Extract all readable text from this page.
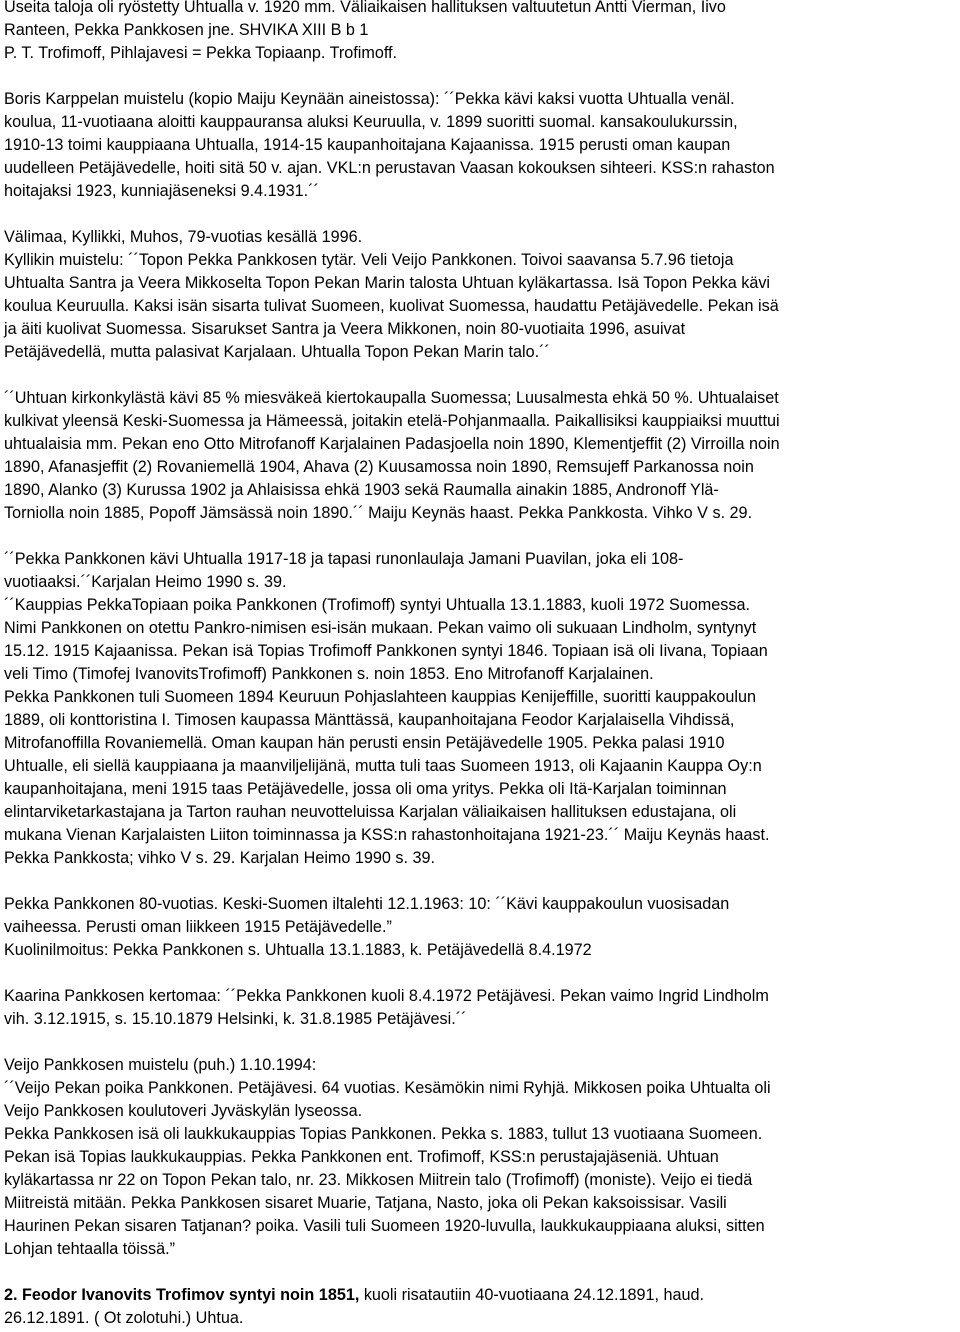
Useita taloja oli ryöstetty Uhtualla v. 1920 mm. Väliaikaisen hallituksen valtuutetun Antti Vierman, Iivo
Ranteen, Pekka Pankkosen jne. SHVIKA XIII B b 1
P. T. Trofimoff, Pihlajavesi = Pekka Topiaanp. Trofimoff.
Boris Karppelan muistelu (kopio Maiju Keynään aineistossa): ´´Pekka kävi kaksi vuotta Uhtualla venäl.
koulua, 11-vuotiaana aloitti kauppauransa aluksi Keuruulla, v. 1899 suoritti suomal. kansakoulukurssin,
1910-13 toimi kauppiaana Uhtualla, 1914-15 kaupanhoitajana Kajaanissa. 1915 perusti oman kaupan
uudelleen Petäjävedelle, hoiti sitä 50 v. ajan. VKL:n perustavan Vaasan kokouksen sihteeri. KSS:n rahaston
hoitajaksi 1923, kunniajäseneksi 9.4.1931.´´
Välimaa, Kyllikki, Muhos, 79-vuotias kesällä 1996.
Kyllikin muistelu: ´´Topon Pekka Pankkosen tytär. Veli Veijo Pankkonen. Toivoi saavansa 5.7.96 tietoja
Uhtualta Santra ja Veera Mikkoselta Topon Pekan Marin talosta Uhtuan kyläkartassa. Isä Topon Pekka kävi
koulua Keuruulla. Kaksi isän sisarta tulivat Suomeen, kuolivat Suomessa, haudattu Petäjävedelle. Pekan isä
ja äiti kuolivat Suomessa. Sisarukset Santra ja Veera Mikkonen, noin 80-vuotiaita 1996, asuivat
Petäjävedellä, mutta palasivat Karjalaan. Uhtualla Topon Pekan Marin talo.´´
´´Uhtuan kirkonkylästä kävi 85 % miesväkeä kiertokaupalla Suomessa; Luusalmesta ehkä 50 %. Uhtualaiset
kulkivat yleensä Keski-Suomessa ja Hämeessä, joitakin etelä-Pohjanmaalla. Paikallisiksi kauppiaiksi muuttui
uhtualaisia mm. Pekan eno Otto Mitrofanoff Karjalainen Padasjoella noin 1890, Klementjeffit (2) Virroilla noin
1890, Afanasjeffit (2) Rovaniemellä 1904, Ahava (2) Kuusamossa noin 1890, Remsujeff Parkanossa noin
1890, Alanko (3) Kurussa 1902 ja Ahlaisissa ehkä 1903 sekä Raumalla ainakin 1885, Andronoff Ylä-
Torniolla noin 1885, Popoff Jämsässä noin 1890.´´ Maiju Keynäs haast. Pekka Pankkosta. Vihko V s. 29.
´´Pekka Pankkonen kävi Uhtualla 1917-18 ja tapasi runonlaulaja Jamani Puavilan, joka eli 108-
vuotiaaksi.´´Karjalan Heimo 1990 s. 39.
´´Kauppias PekkaTopiaan poika Pankkonen (Trofimoff) syntyi Uhtualla 13.1.1883, kuoli 1972 Suomessa.
Nimi Pankkonen on otettu Pankro-nimisen esi-isän mukaan. Pekan vaimo oli sukuaan Lindholm, syntynyt
15.12. 1915 Kajaanissa. Pekan isä Topias Trofimoff Pankkonen syntyi 1846. Topiaan isä oli Iivana, Topiaan
veli Timo (Timofej IvanovitsTrofimoff) Pankkonen s. noin 1853. Eno Mitrofanoff Karjalainen.
Pekka Pankkonen tuli Suomeen 1894 Keuruun Pohjaslahteen kauppias Kenijeffille, suoritti kauppakoulun
1889, oli konttoristina I. Timosen kaupassa Mänttässä, kaupanhoitajana Feodor Karjalaisella Vihdissä,
Mitrofanoffilla Rovaniemellä. Oman kaupan hän perusti ensin Petäjävedelle 1905. Pekka palasi 1910
Uhtualle, eli siellä kauppiaana ja maanviljelijänä, mutta tuli taas Suomeen 1913, oli Kajaanin Kauppa Oy:n
kaupanhoitajana, meni 1915 taas Petäjävedelle, jossa oli oma yritys. Pekka oli Itä-Karjalan toiminnan
elintarviketarkastajana ja Tarton rauhan neuvotteluissa Karjalan väliaikaisen hallituksen edustajana, oli
mukana Vienan Karjalaisten Liiton toiminnassa ja KSS:n rahastonhoitajana 1921-23.´´ Maiju Keynäs haast.
Pekka Pankkosta; vihko V s. 29. Karjalan Heimo 1990 s. 39.
Pekka Pankkonen 80-vuotias. Keski-Suomen iltalehti 12.1.1963: 10: ´´Kävi kauppakoulun vuosisadan
vaiheessa. Perusti oman liikkeen 1915 Petäjävedelle.”
Kuolinilmoitus: Pekka Pankkonen s. Uhtualla 13.1.1883, k. Petäjävedellä 8.4.1972
Kaarina Pankkosen kertomaa: ´´Pekka Pankkonen kuoli 8.4.1972 Petäjävesi. Pekan vaimo Ingrid Lindholm
vih. 3.12.1915, s. 15.10.1879 Helsinki, k. 31.8.1985 Petäjävesi.´´
Veijo Pankkosen muistelu (puh.) 1.10.1994:
´´Veijo Pekan poika Pankkonen. Petäjävesi. 64 vuotias. Kesämökin nimi Ryhjä. Mikkosen poika Uhtualta oli
Veijo Pankkosen koulutoveri Jyväskylän lyseossa.
Pekka Pankkosen isä oli laukkukauppias Topias Pankkonen. Pekka s. 1883, tullut 13 vuotiaana Suomeen.
Pekan isä Topias laukkukauppias. Pekka Pankkonen ent. Trofimoff, KSS:n perustajajäseniä. Uhtuan
kyläkartassa nr 22 on Topon Pekan talo, nr. 23. Mikkosen Miitrein talo (Trofimoff) (moniste). Veijo ei tiedä
Miitreistä mitään. Pekka Pankkosen sisaret Muarie, Tatjana, Nasto, joka oli Pekan kaksoissisar. Vasili
Haurinen Pekan sisaren Tatjanan? poika. Vasili tuli Suomeen 1920-luvulla, laukkukauppiaana aluksi, sitten
Lohjan tehtaalla töissä.”
2. Feodor Ivanovits Trofimov syntyi noin 1851, kuoli risatautiin 40-vuotiaana 24.12.1891, haud.
26.12.1891. ( Ot zolotuhi.) Uhtua.
